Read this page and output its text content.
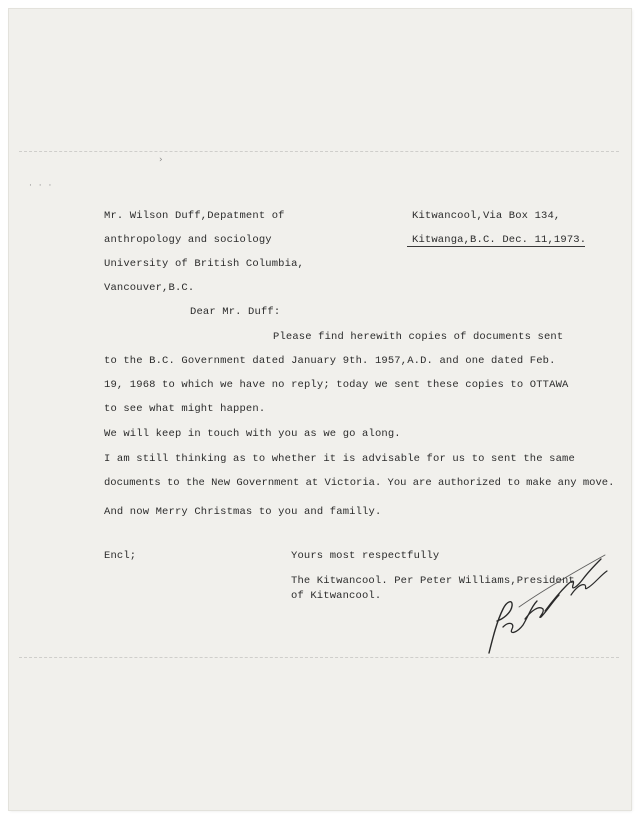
›
· · ·
Mr. Wilson Duff,Depatment of
anthropology and sociology
University of British Columbia,
Vancouver,B.C.
Kitwancool,Via Box 134,
Kitwanga,B.C. Dec. 11,1973.
Dear Mr. Duff:
Please find herewith copies of documents sent
to the B.C. Government dated January 9th. 1957,A.D. and one dated Feb.
19, 1968 to which we have no reply; today we sent these copies to OTTAWA
to see what might happen.
We will keep in touch with you as we go along.
I am still thinking as to whether it is advisable for us to sent the same
documents to the New Government at Victoria. You are authorized to make any move.
And now Merry Christmas to you and familly.
Encl;	Yours most respectfully
The Kitwancool. Per Peter Williams,President
of Kitwancool.
